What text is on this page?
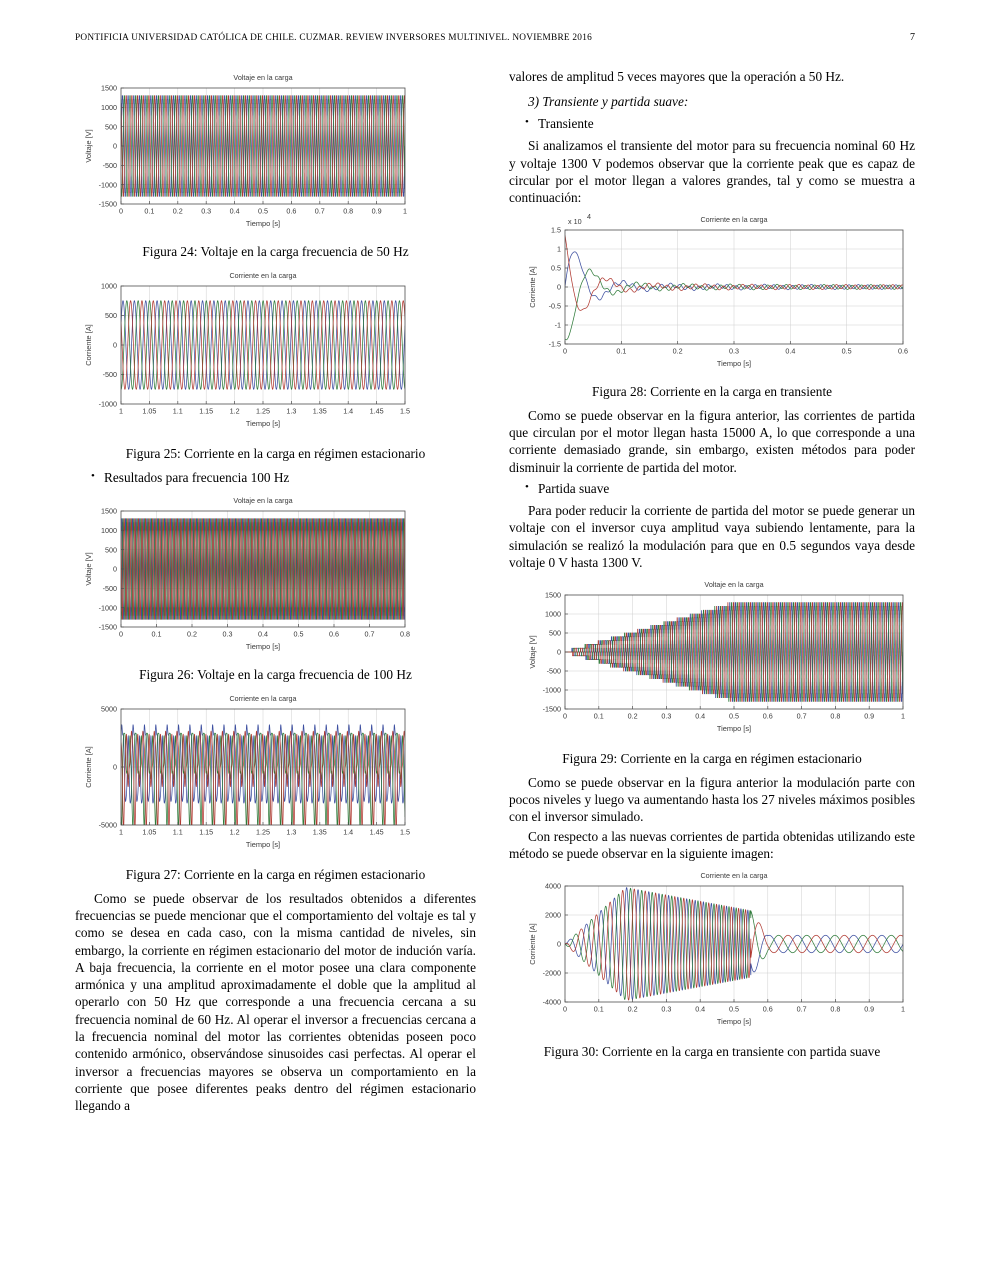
PONTIFICIA UNIVERSIDAD CATÓLICA DE CHILE. CUZMAR. REVIEW INVERSORES MULTINIVEL. NOVIEMBRE 2016	7
Voltaje en la carga
0	0.1	0.2	0.3	0.4	0.5	0.6	0.7	0.8	0.9	1
-1500
-1000
-500
0
500
1000
1500
Tiempo [s]
Voltaje [V]
Figura 24: Voltaje en la carga frecuencia de 50 Hz
Corriente en la carga
1	1.05 1.1 1.15 1.2 1.25 1.3 1.35 1.4 1.45 1.5
-1000
-500
0
500
1000
Tiempo [s]
Corriente [A]
Figura 25: Corriente en la carga en régimen estacionario
• Resultados para frecuencia 100 Hz
Voltaje en la carga
0	0.1	0.2	0.3	0.4	0.5	0.6	0.7	0.8
-1500
-1000
-500
0
500
1000
1500
Tiempo [s]
Voltaje [V]
Figura 26: Voltaje en la carga frecuencia de 100 Hz
Corriente en la carga
1	1.05 1.1 1.15 1.2 1.25 1.3 1.35 1.4 1.45 1.5
-5000
0
5000
Tiempo [s]
Corriente [A]
Figura 27: Corriente en la carga en régimen estacionario

Como se puede observar de los resultados obtenidos a diferentes frecuencias se puede mencionar que el comportamiento del voltaje es tal y como se desea en cada caso, con la misma cantidad de niveles, sin embargo, la corriente en régimen estacionario del motor de indución varía. A baja frecuencia, la corriente en el motor posee una clara componente armónica y una amplitud aproximadamente el doble que la amplitud al operarlo con 50 Hz que corresponde a una frecuencia cercana a su frecuencia nominal de 60 Hz. Al operar el inversor a frecuencias cercana a la frecuencia nominal del motor las corrientes obtenidas poseen poco contenido armónico, observándose sinusoides casi perfectas. Al operar el inversor a frecuencias mayores se observa un comportamiento en la corriente que posee diferentes peaks dentro del régimen estacionario llegando a

valores de amplitud 5 veces mayores que la operación a 50 Hz.

3) Transiente y partida suave:
• Transiente

Si analizamos el transiente del motor para su frecuencia nominal 60 Hz y voltaje 1300 V podemos observar que la corriente peak que es capaz de circular por el motor llegan a valores grandes, tal y como se muestra a continuación:

Corriente en la carga
x 10
4
0	0.1	0.2	0.3	0.4	0.5	0.6
-1.5
-1
-0.5
0
0.5
1
1.5
Tiempo [s]
Corriente [A]
Figura 28: Corriente en la carga en transiente

Como se puede observar en la figura anterior, las corrientes de partida que circulan por el motor llegan hasta 15000 A, lo que corresponde a una corriente demasiado grande, sin embargo, existen métodos para poder disminuir la corriente de partida del motor.

• Partida suave

Para poder reducir la corriente de partida del motor se puede generar un voltaje con el inversor cuya amplitud vaya subiendo lentamente, para la simulación se realizó la modulación para que en 0.5 segundos vaya desde voltaje 0 V hasta 1300 V.

Voltaje en la carga
0	0.1	0.2	0.3	0.4	0.5	0.6	0.7	0.8	0.9	1
-1500
-1000
-500
0
500
1000
1500
Tiempo [s]
Voltaje [V]
Figura 29: Corriente en la carga en régimen estacionario

Como se puede observar en la figura anterior la modulación parte con pocos niveles y luego va aumentando hasta los 27 niveles máximos posibles con el inversor simulado.

Con respecto a las nuevas corrientes de partida obtenidas utilizando este método se puede observar en la siguiente imagen:

Corriente en la carga
0	0.1	0.2	0.3	0.4	0.5	0.6	0.7	0.8	0.9	1
-4000
-2000
0
2000
4000
Tiempo [s]
Corriente [A]
Figura 30: Corriente en la carga en transiente con partida suave
